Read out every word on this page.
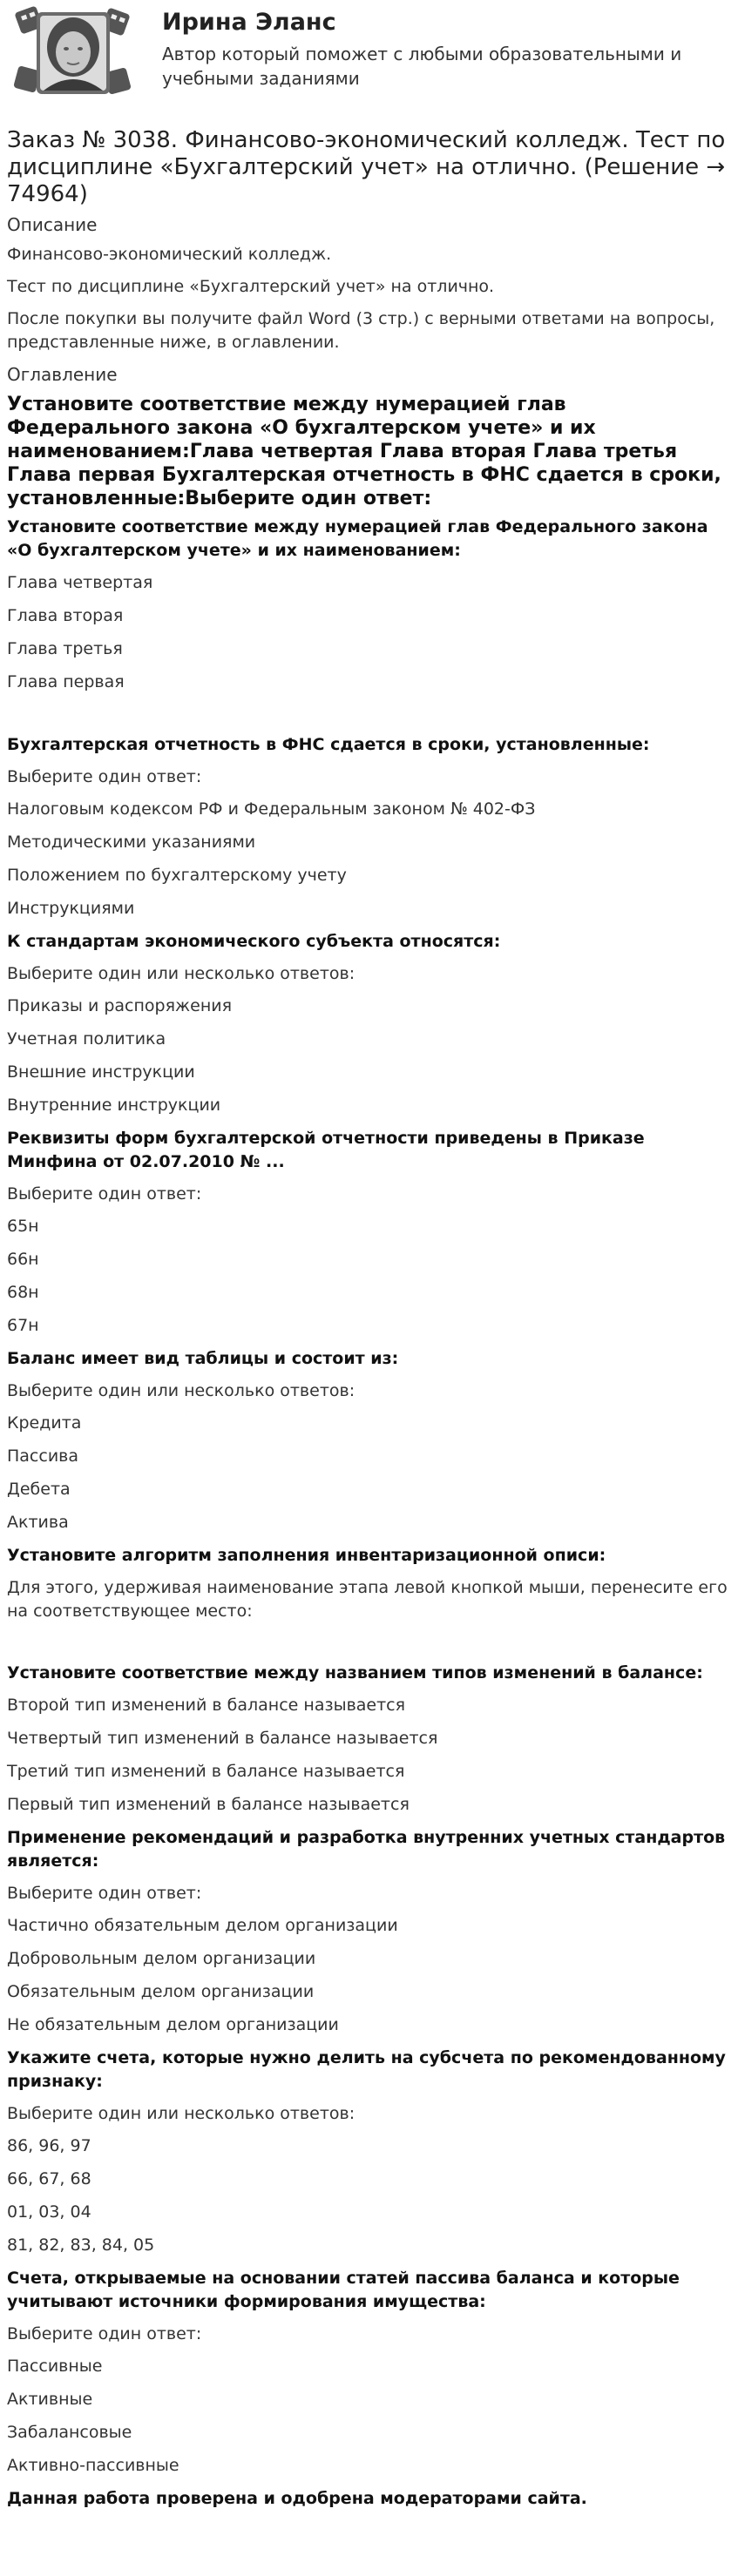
Ирина Эланс
Автор который поможет с любыми образовательными и учебными заданиями
Заказ № 3038. Финансово-экономический колледж. Тест по дисциплине «Бухгалтерский учет» на отлично. (Решение → 74964)
Описание

Финансово-экономический колледж.

Тест по дисциплине «Бухгалтерский учет» на отлично.

После покупки вы получите файл Word (3 стр.) с верными ответами на вопросы, представленные ниже, в оглавлении.

Оглавление
Установите соответствие между нумерацией глав Федерального закона «О бухгалтерском учете» и их наименованием:Глава четвертая Глава вторая Глава третья Глава первая Бухгалтерская отчетность в ФНС сдается в сроки, установленные:Выберите один ответ:
Установите соответствие между нумерацией глав Федерального закона «О бухгалтерском учете» и их наименованием:
Глава четвертая
Глава вторая
Глава третья
Глава первая
Бухгалтерская отчетность в ФНС сдается в сроки, установленные:
Выберите один ответ:
Налоговым кодексом РФ и Федеральным законом № 402-ФЗ
Методическими указаниями
Положением по бухгалтерскому учету
Инструкциями
К стандартам экономического субъекта относятся:
Выберите один или несколько ответов:
Приказы и распоряжения
Учетная политика
Внешние инструкции
Внутренние инструкции
Реквизиты форм бухгалтерской отчетности приведены в Приказе Минфина от 02.07.2010 № ...
Выберите один ответ:
65н
66н
68н
67н
Баланс имеет вид таблицы и состоит из:
Выберите один или несколько ответов:
Кредита
Пассива
Дебета
Актива
Установите алгоритм заполнения инвентаризационной описи:
Для этого, удерживая наименование этапа левой кнопкой мыши, перенесите его на соответствующее место:
Установите соответствие между названием типов изменений в балансе:
Второй тип изменений в балансе называется
Четвертый тип изменений в балансе называется
Третий тип изменений в балансе называется
Первый тип изменений в балансе называется
Применение рекомендаций и разработка внутренних учетных стандартов является:
Выберите один ответ:
Частично обязательным делом организации
Добровольным делом организации
Обязательным делом организации
Не обязательным делом организации
Укажите счета, которые нужно делить на субсчета по рекомендованному признаку:
Выберите один или несколько ответов:
86, 96, 97
66, 67, 68
01, 03, 04
81, 82, 83, 84, 05
Счета, открываемые на основании статей пассива баланса и которые учитывают источники формирования имущества:
Выберите один ответ:
Пассивные
Активные
Забалансовые
Активно-пассивные
Данная работа проверена и одобрена модераторами сайта.
